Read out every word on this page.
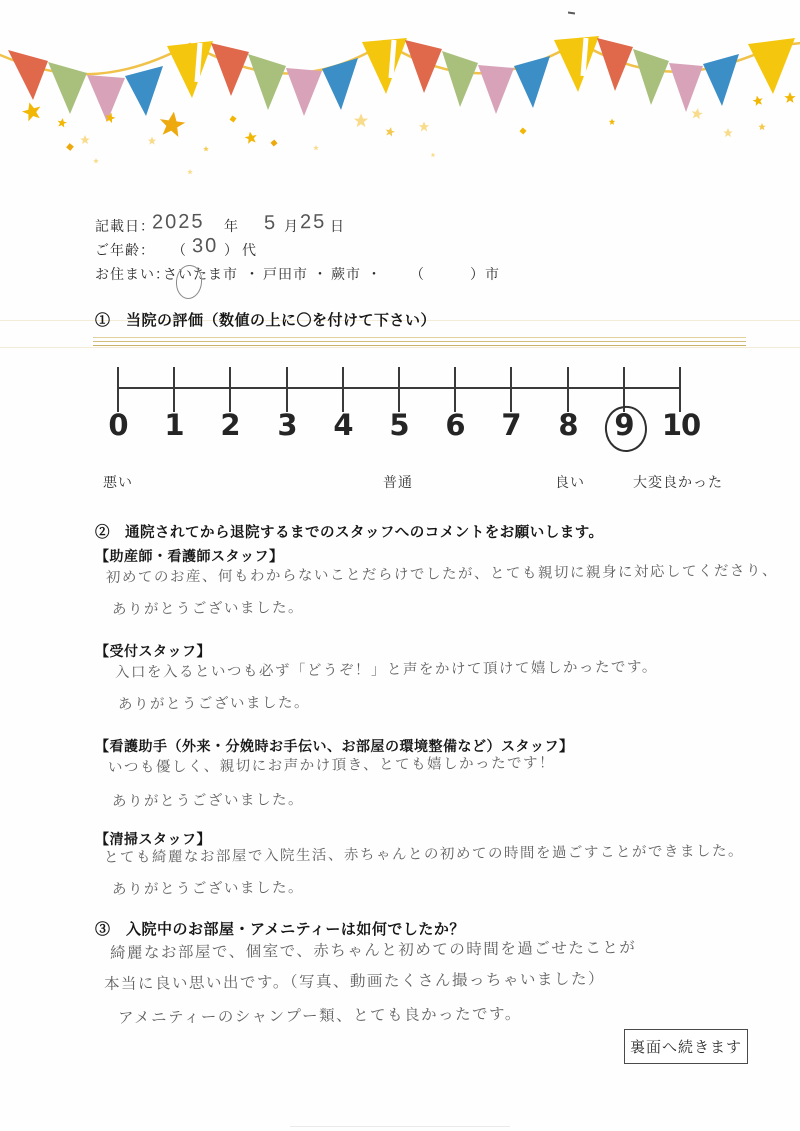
記載日：
2025 年 5 月 25 日
ご年齢： （ 30 ） 代
お住まい：
さいたま市 ・ 戸田市 ・ 蕨市 ・ （	）市
①　当院の評価（数値の上に〇を付けて下さい）
0 1 2 3 4 5 6 7 8 9 10
悪い	普通	良い	大変良かった
②　通院されてから退院するまでのスタッフへのコメントをお願いします。
【助産師・看護師スタッフ】
初めてのお産、何もわからないことだらけでしたが、とても親切に親身に対応してくださり、
ありがとうございました。
【受付スタッフ】
入口を入るといつも必ず「どうぞ！」と声をかけて頂けて嬉しかったです。
ありがとうございました。
【看護助手（外来・分娩時お手伝い、お部屋の環境整備など）スタッフ】
いつも優しく、親切にお声かけ頂き、とても嬉しかったです！
ありがとうございました。
【清掃スタッフ】
とても綺麗なお部屋で入院生活、赤ちゃんとの初めての時間を過ごすことができました。
ありがとうございました。
③　入院中のお部屋・アメニティーは如何でしたか？
綺麗なお部屋で、個室で、赤ちゃんと初めての時間を過ごせたことが
本当に良い思い出です。（写真、動画たくさん撮っちゃいました）
アメニティーのシャンプー類、とても良かったです。
裏面へ続きます
